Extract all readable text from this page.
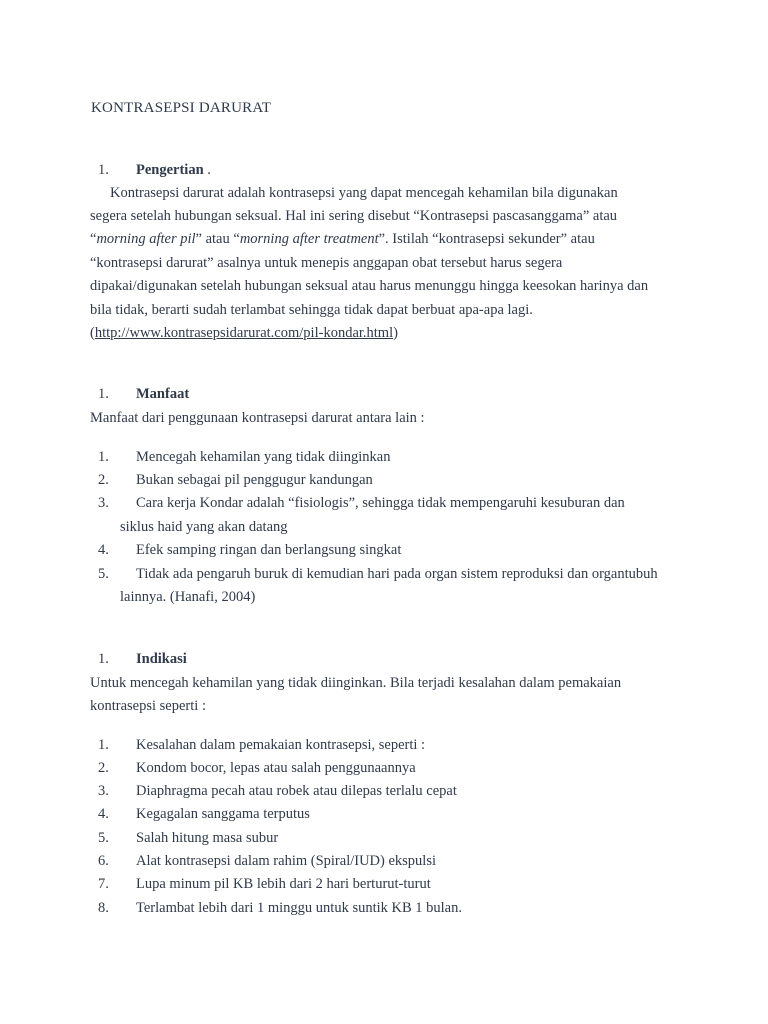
KONTRASEPSI DARURAT
1. Pengertian .
Kontrasepsi darurat adalah kontrasepsi yang dapat mencegah kehamilan bila digunakan
segera setelah hubungan seksual. Hal ini sering disebut “Kontrasepsi pascasanggama” atau
“morning after pil” atau “morning after treatment”. Istilah “kontrasepsi sekunder” atau
“kontrasepsi darurat” asalnya untuk menepis anggapan obat tersebut harus segera
dipakai/digunakan setelah hubungan seksual atau harus menunggu hingga keesokan harinya dan
bila tidak, berarti sudah terlambat sehingga tidak dapat berbuat apa-apa lagi.
(http://www.kontrasepsidarurat.com/pil-kondar.html)
1. Manfaat
Manfaat dari penggunaan kontrasepsi darurat antara lain :
1. Mencegah kehamilan yang tidak diinginkan
2. Bukan sebagai pil penggugur kandungan
3. Cara kerja Kondar adalah “fisiologis”, sehingga tidak mempengaruhi kesuburan dan
siklus haid yang akan datang
4. Efek samping ringan dan berlangsung singkat
5. Tidak ada pengaruh buruk di kemudian hari pada organ sistem reproduksi dan organtubuh
lainnya. (Hanafi, 2004)
1. Indikasi
Untuk mencegah kehamilan yang tidak diinginkan. Bila terjadi kesalahan dalam pemakaian
kontrasepsi seperti :
1. Kesalahan dalam pemakaian kontrasepsi, seperti :
2. Kondom bocor, lepas atau salah penggunaannya
3. Diaphragma pecah atau robek atau dilepas terlalu cepat
4. Kegagalan sanggama terputus
5. Salah hitung masa subur
6. Alat kontrasepsi dalam rahim (Spiral/IUD) ekspulsi
7. Lupa minum pil KB lebih dari 2 hari berturut-turut
8. Terlambat lebih dari 1 minggu untuk suntik KB 1 bulan.
